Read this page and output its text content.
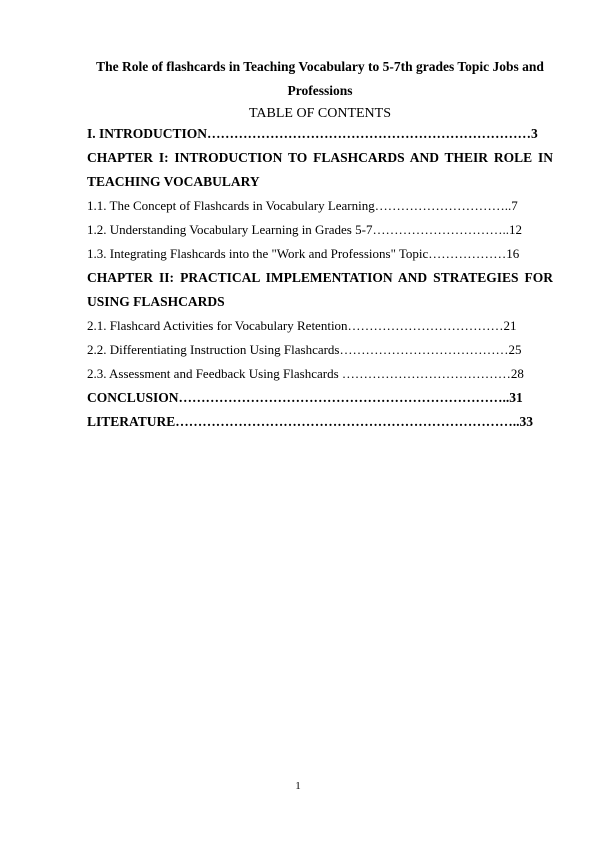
The Role of flashcards in Teaching Vocabulary to 5-7th grades Topic Jobs and Professions
TABLE OF CONTENTS
I. INTRODUCTION………………………………………………………………3
CHAPTER I: INTRODUCTION TO FLASHCARDS AND THEIR ROLE IN TEACHING VOCABULARY
1.1. The Concept of Flashcards in Vocabulary Learning…………………………..7
1.2. Understanding Vocabulary Learning in Grades 5-7…………………………..12
1.3. Integrating Flashcards into the "Work and Professions" Topic………………16
CHAPTER II: PRACTICAL IMPLEMENTATION AND STRATEGIES FOR USING FLASHCARDS
2.1. Flashcard Activities for Vocabulary Retention………………………………21
2.2. Differentiating Instruction Using Flashcards…………………………………25
2.3. Assessment and Feedback Using Flashcards …………………………………28
CONCLUSION………………………………………………………………..31
LITERATURE…………………………………………………………………..33
1
